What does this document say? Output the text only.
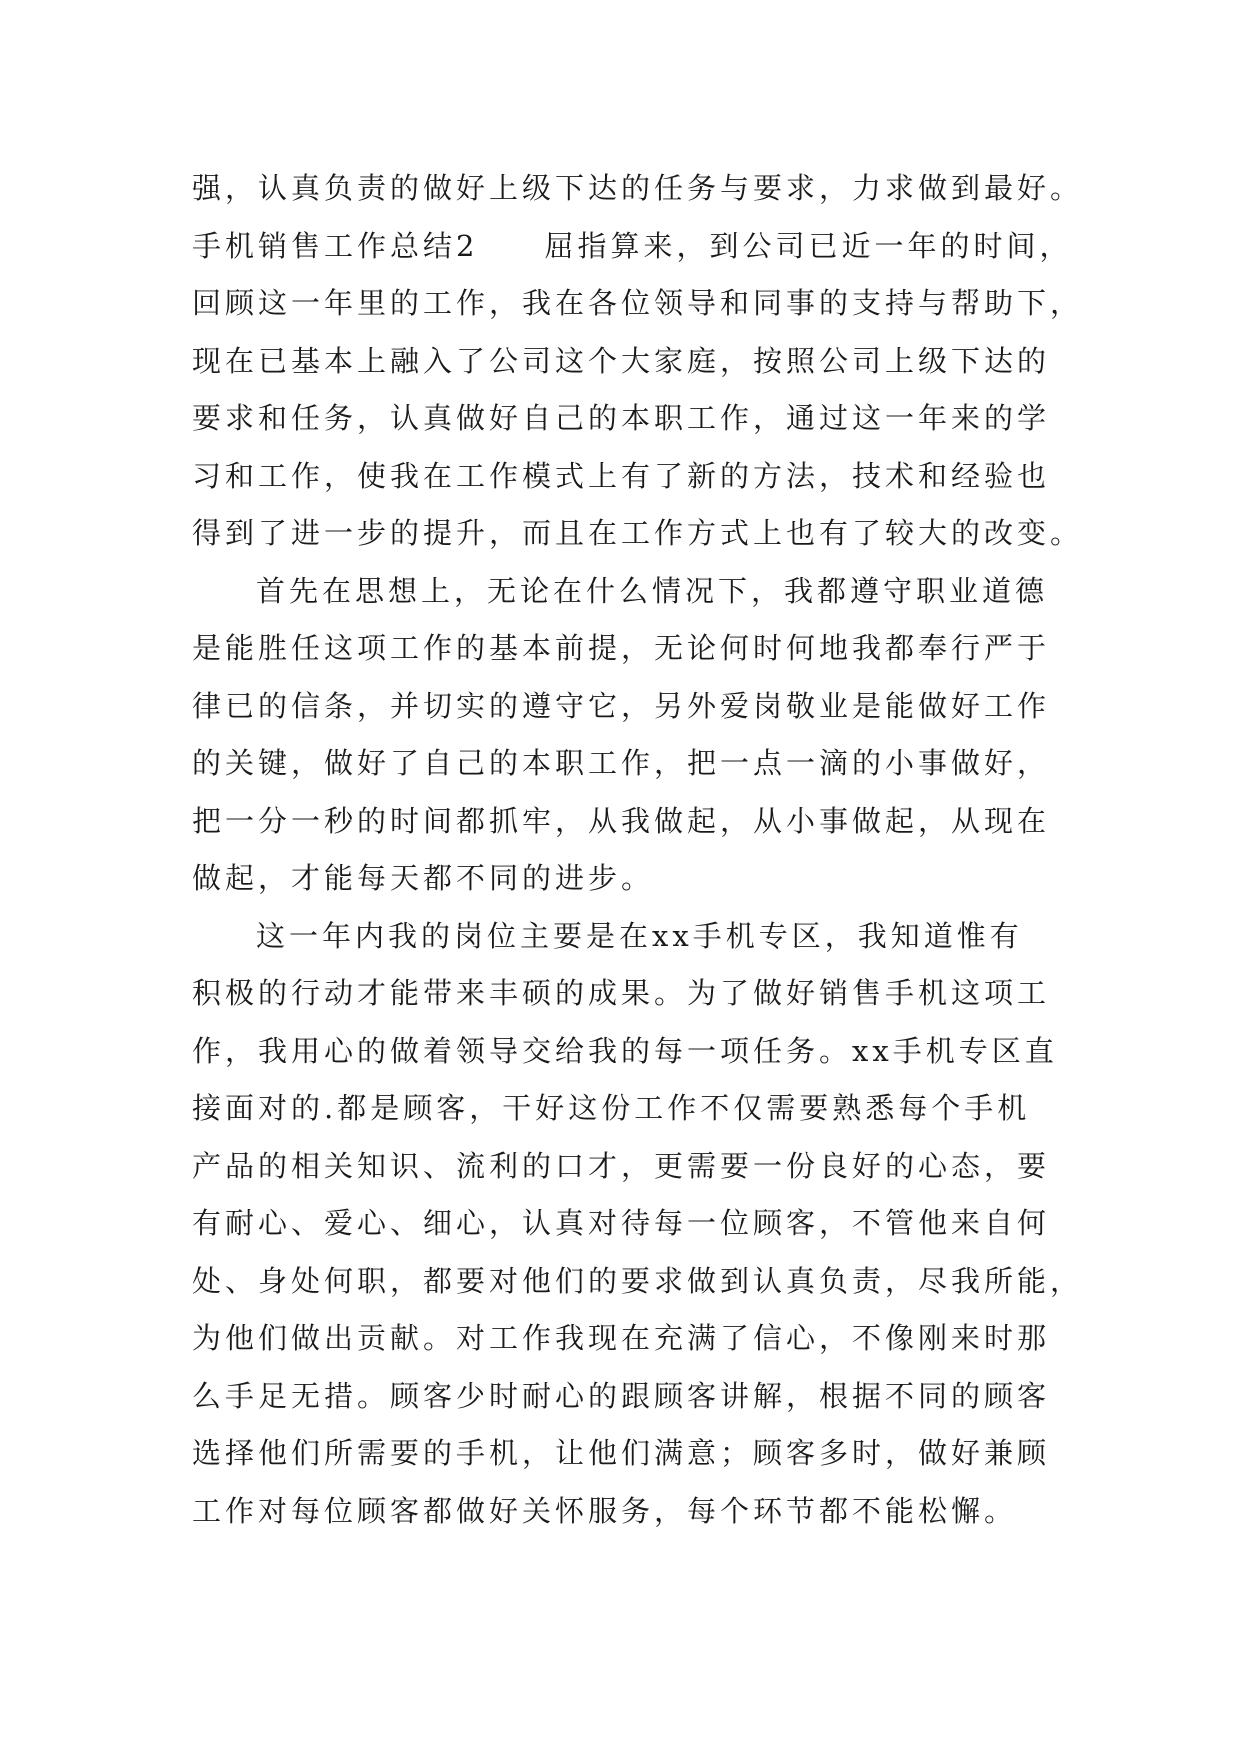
强，认真负责的做好上级下达的任务与要求，力求做到最好。
手机销售工作总结2　　屈指算来，到公司已近一年的时间，
回顾这一年里的工作，我在各位领导和同事的支持与帮助下，
现在已基本上融入了公司这个大家庭，按照公司上级下达的
要求和任务，认真做好自己的本职工作，通过这一年来的学
习和工作，使我在工作模式上有了新的方法，技术和经验也
得到了进一步的提升，而且在工作方式上也有了较大的改变。
首先在思想上，无论在什么情况下，我都遵守职业道德
是能胜任这项工作的基本前提，无论何时何地我都奉行严于
律已的信条，并切实的遵守它，另外爱岗敬业是能做好工作
的关键，做好了自己的本职工作，把一点一滴的小事做好，
把一分一秒的时间都抓牢，从我做起，从小事做起，从现在
做起，才能每天都不同的进步。
这一年内我的岗位主要是在xx手机专区，我知道惟有
积极的行动才能带来丰硕的成果。为了做好销售手机这项工
作，我用心的做着领导交给我的每一项任务。xx手机专区直
接面对的.都是顾客，干好这份工作不仅需要熟悉每个手机
产品的相关知识、流利的口才，更需要一份良好的心态，要
有耐心、爱心、细心，认真对待每一位顾客，不管他来自何
处、身处何职，都要对他们的要求做到认真负责，尽我所能，
为他们做出贡献。对工作我现在充满了信心，不像刚来时那
么手足无措。顾客少时耐心的跟顾客讲解，根据不同的顾客
选择他们所需要的手机，让他们满意；顾客多时，做好兼顾
工作对每位顾客都做好关怀服务，每个环节都不能松懈。
